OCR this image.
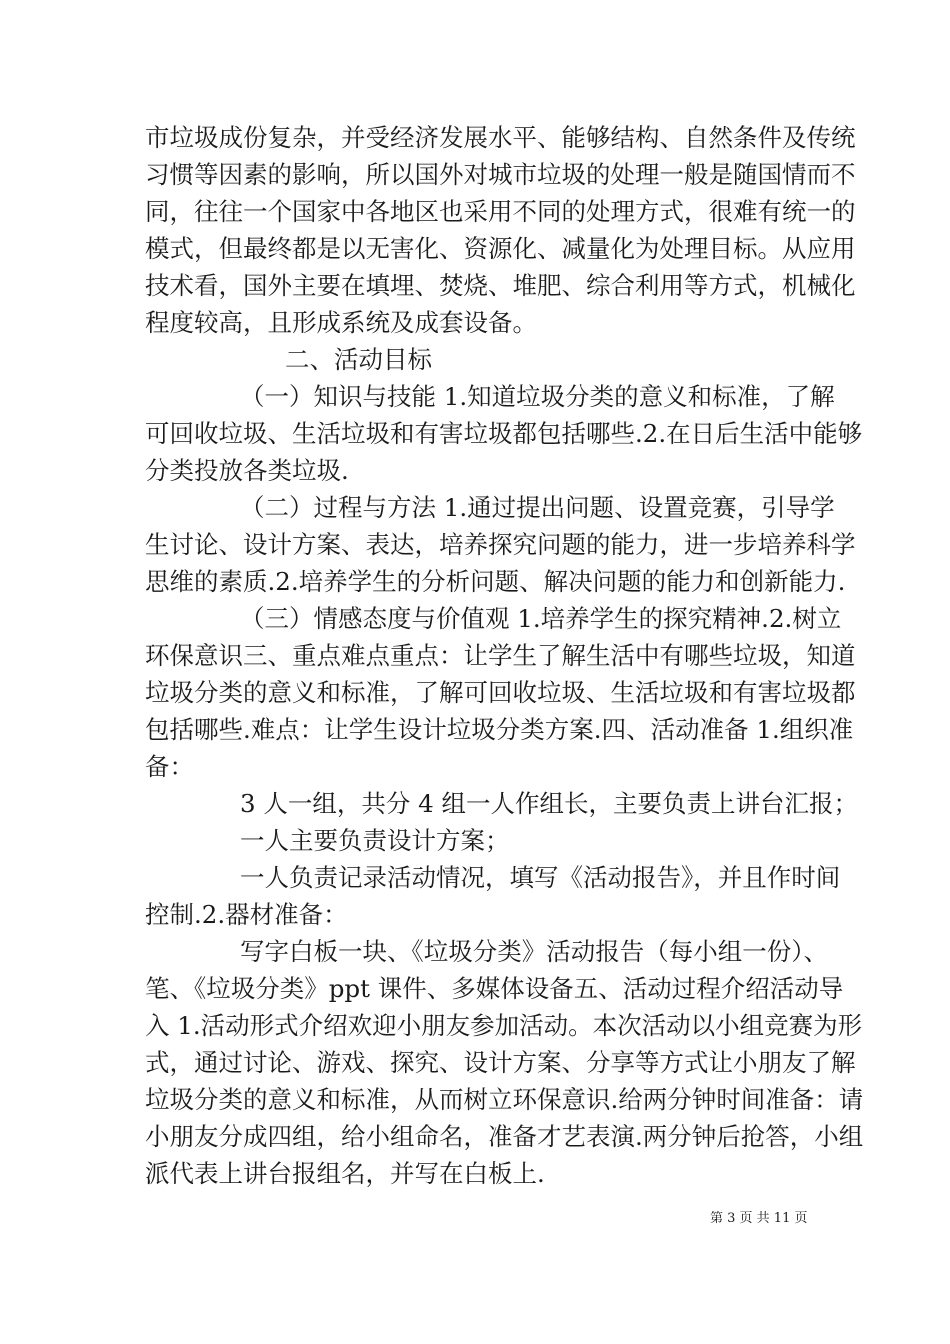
市垃圾成份复杂，并受经济发展水平、能够结构、自然条件及传统
习惯等因素的影响，所以国外对城市垃圾的处理一般是随国情而不
同，往往一个国家中各地区也采用不同的处理方式，很难有统一的
模式，但最终都是以无害化、资源化、减量化为处理目标。从应用
技术看，国外主要在填埋、焚烧、堆肥、综合利用等方式，机械化
程度较高，且形成系统及成套设备。
二、活动目标
（一）知识与技能 1.知道垃圾分类的意义和标准，了解
可回收垃圾、生活垃圾和有害垃圾都包括哪些.2.在日后生活中能够
分类投放各类垃圾.
（二）过程与方法 1.通过提出问题、设置竞赛，引导学
生讨论、设计方案、表达，培养探究问题的能力，进一步培养科学
思维的素质.2.培养学生的分析问题、解决问题的能力和创新能力.
（三）情感态度与价值观 1.培养学生的探究精神.2.树立
环保意识三、重点难点重点：让学生了解生活中有哪些垃圾，知道
垃圾分类的意义和标准，了解可回收垃圾、生活垃圾和有害垃圾都
包括哪些.难点：让学生设计垃圾分类方案.四、活动准备 1.组织准
备：
3 人一组，共分 4 组一人作组长，主要负责上讲台汇报；
一人主要负责设计方案；
一人负责记录活动情况，填写《活动报告》，并且作时间
控制.2.器材准备：
写字白板一块、《垃圾分类》活动报告（每小组一份）、
笔、《垃圾分类》ppt 课件、多媒体设备五、活动过程介绍活动导
入 1.活动形式介绍欢迎小朋友参加活动。本次活动以小组竞赛为形
式，通过讨论、游戏、探究、设计方案、分享等方式让小朋友了解
垃圾分类的意义和标准，从而树立环保意识.给两分钟时间准备：请
小朋友分成四组，给小组命名，准备才艺表演.两分钟后抢答，小组
派代表上讲台报组名，并写在白板上.
第 3 页 共 11 页
